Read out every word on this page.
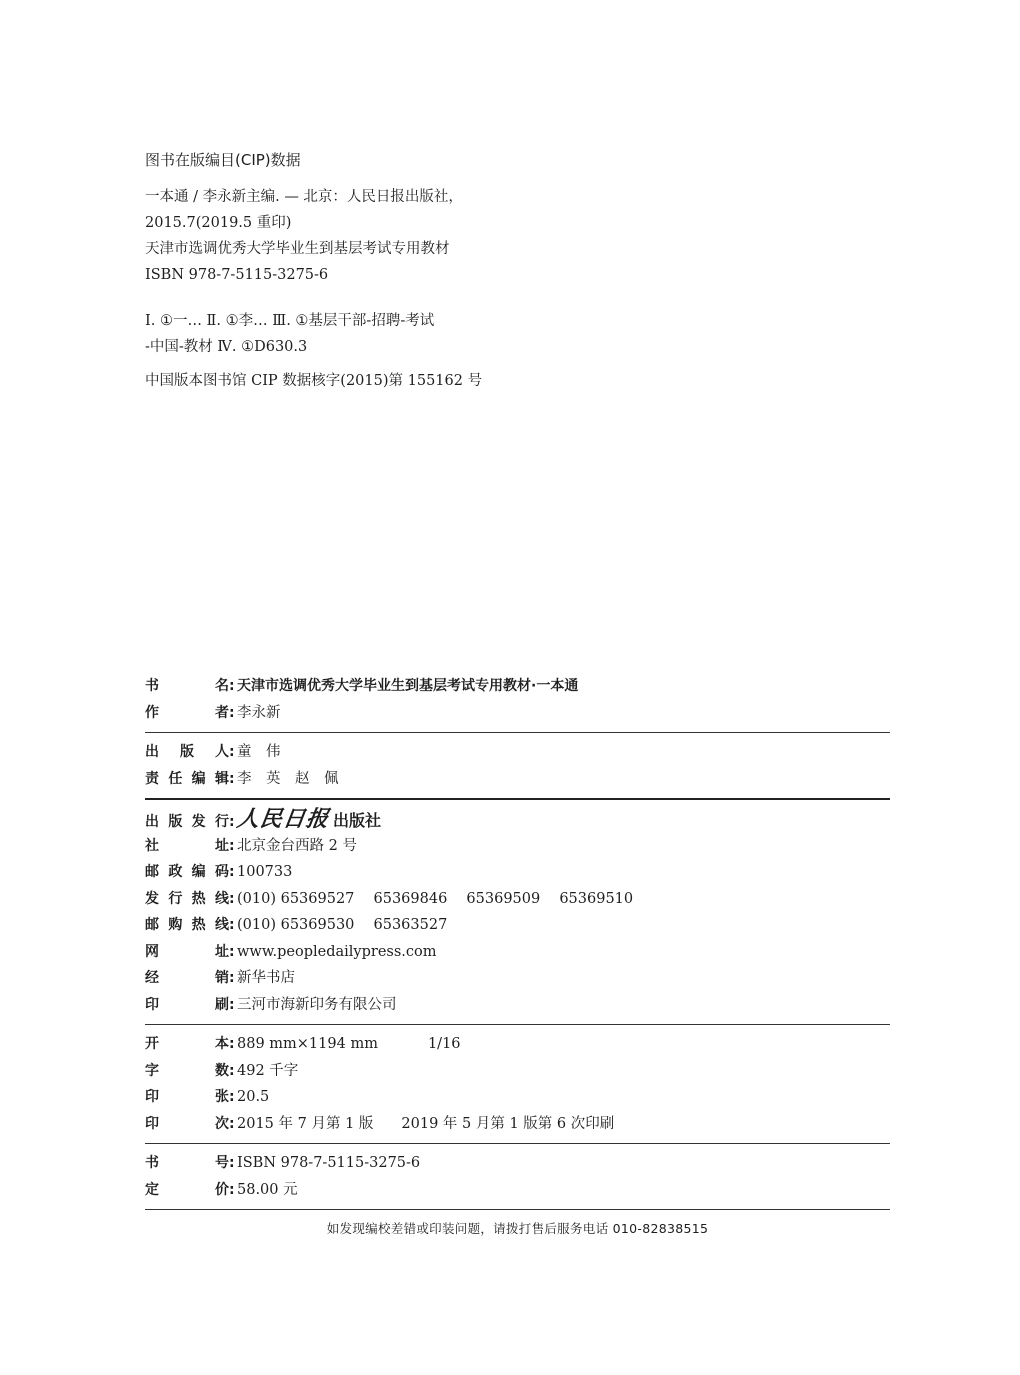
图书在版编目(CIP)数据

一本通 / 李永新主编. — 北京：人民日报出版社，
2015.7(2019.5 重印)
天津市选调优秀大学毕业生到基层考试专用教材
ISBN 978-7-5115-3275-6
Ⅰ. ①一… Ⅱ. ①李… Ⅲ. ①基层干部-招聘-考试
-中国-教材 Ⅳ. ①D630.3
中国版本图书馆 CIP 数据核字(2015)第 155162 号
书	名 : 天津市选调优秀大学毕业生到基层考试专用教材·一本通
作	者 : 李永新
出 版 人 : 童　伟
责 任 编 辑 : 李　英　赵　佩
出 版 发 行 : 人民日报 出版社
社	址 : 北京金台西路 2 号
邮 政 编 码 : 100733
发 行 热 线 : (010) 65369527　 65369846　 65369509　 65369510
邮 购 热 线 : (010) 65369530　 65363527
网	址 : www.peopledailypress.com
经	销 : 新华书店
印	刷 : 三河市海新印务有限公司
开	本 : 889 mm×1194 mm	1/16
字	数 : 492 千字
印	张 : 20.5
印	次 : 2015 年 7 月第 1 版 2019 年 5 月第 1 版第 6 次印刷
书	号 : ISBN 978-7-5115-3275-6
定	价 : 58.00 元
如发现编校差错或印装问题，请拨打售后服务电话 010-82838515
